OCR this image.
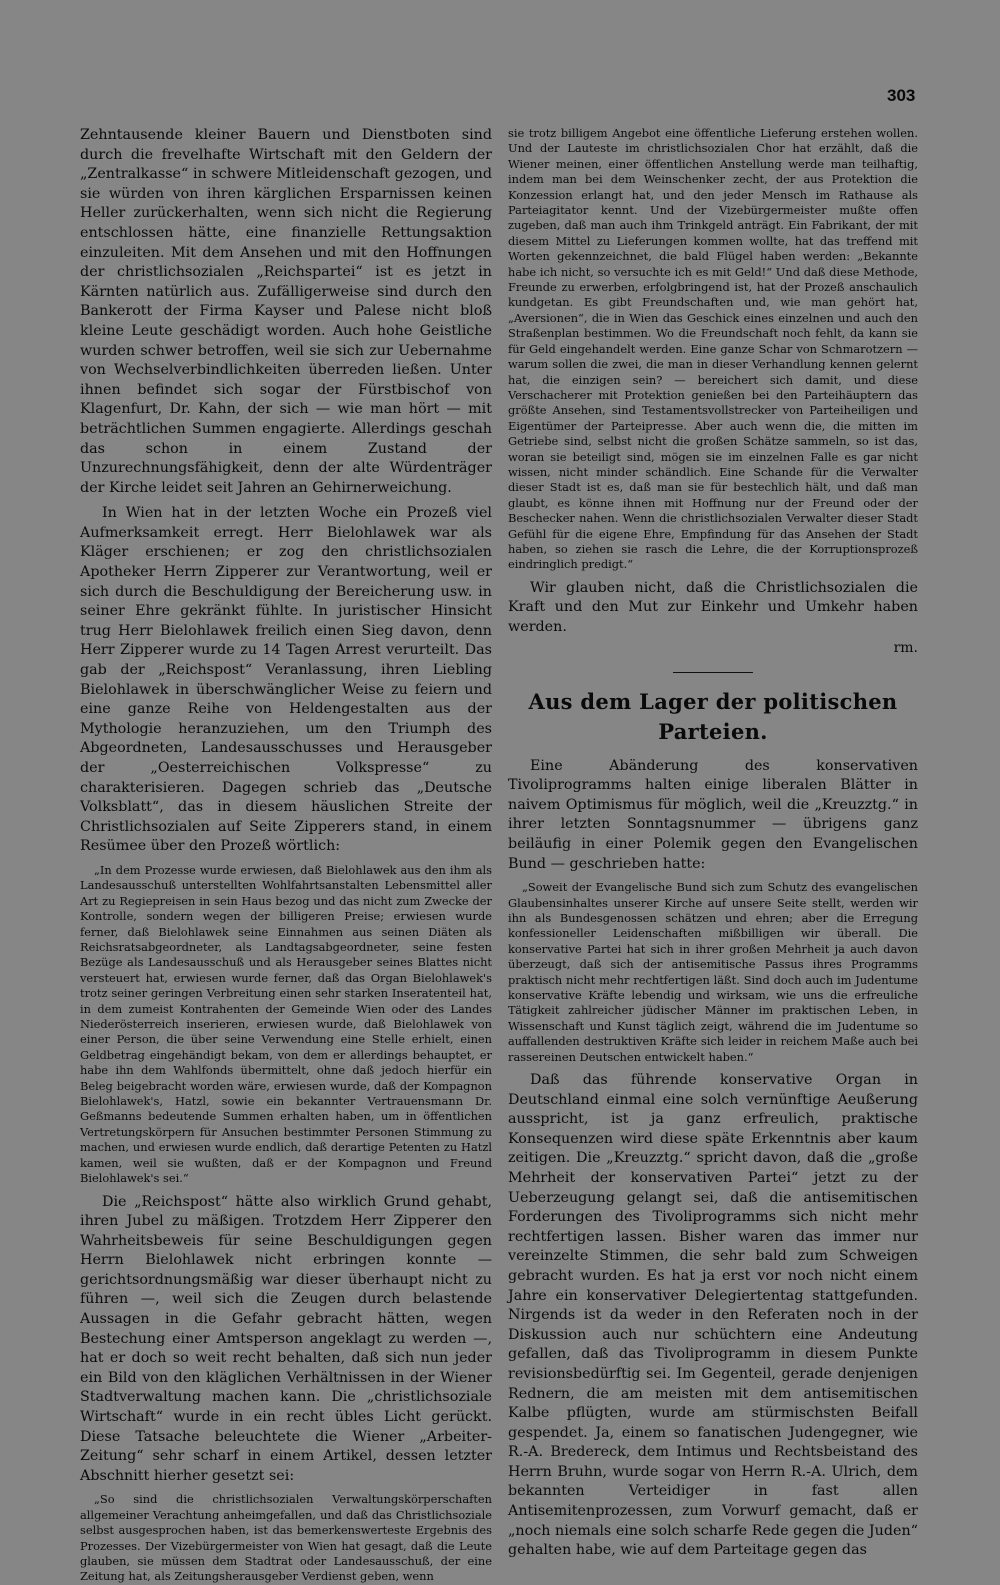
303

Zehntausende kleiner Bauern und Dienstboten sind durch die frevelhafte Wirtschaft mit den Geldern der „Zentralkasse“ in schwere Mitleidenschaft gezogen, und sie würden von ihren kärglichen Ersparnissen keinen Heller zurückerhalten, wenn sich nicht die Regierung entschlossen hätte, eine finanzielle Rettungsaktion einzuleiten. Mit dem Ansehen und mit den Hoffnungen der christlichsozialen „Reichspartei“ ist es jetzt in Kärnten natürlich aus. Zufälligerweise sind durch den Bankerott der Firma Kayser und Palese nicht bloß kleine Leute geschädigt worden. Auch hohe Geistliche wurden schwer betroffen, weil sie sich zur Uebernahme von Wechselverbindlichkeiten überreden ließen. Unter ihnen befindet sich sogar der Fürstbischof von Klagenfurt, Dr. Kahn, der sich — wie man hört — mit beträchtlichen Summen engagierte. Allerdings geschah das schon in einem Zustand der Unzurechnungsfähigkeit, denn der alte Würdenträger der Kirche leidet seit Jahren an Gehirnerweichung.

In Wien hat in der letzten Woche ein Prozeß viel Aufmerksamkeit erregt. Herr Bielohlawek war als Kläger erschienen; er zog den christlichsozialen Apotheker Herrn Zipperer zur Verantwortung, weil er sich durch die Beschuldigung der Bereicherung usw. in seiner Ehre gekränkt fühlte. In juristischer Hinsicht trug Herr Bielohlawek freilich einen Sieg davon, denn Herr Zipperer wurde zu 14 Tagen Arrest verurteilt. Das gab der „Reichspost“ Veranlassung, ihren Liebling Bielohlawek in überschwänglicher Weise zu feiern und eine ganze Reihe von Heldengestalten aus der Mythologie heranzuziehen, um den Triumph des Abgeordneten, Landesausschusses und Herausgeber der „Oesterreichischen Volkspresse“ zu charakterisieren. Dagegen schrieb das „Deutsche Volksblatt“, das in diesem häuslichen Streite der Christlichsozialen auf Seite Zipperers stand, in einem Resümee über den Prozeß wörtlich:

„In dem Prozesse wurde erwiesen, daß Bielohlawek aus den ihm als Landesausschuß unterstellten Wohlfahrtsanstalten Lebensmittel aller Art zu Regiepreisen in sein Haus bezog und das nicht zum Zwecke der Kontrolle, sondern wegen der billigeren Preise; erwiesen wurde ferner, daß Bielohlawek seine Einnahmen aus seinen Diäten als Reichsratsabgeordneter, als Landtagsabgeordneter, seine festen Bezüge als Landesausschuß und als Herausgeber seines Blattes nicht versteuert hat, erwiesen wurde ferner, daß das Organ Bielohlawek's trotz seiner geringen Verbreitung einen sehr starken Inseratenteil hat, in dem zumeist Kontrahenten der Gemeinde Wien oder des Landes Niederösterreich inserieren, erwiesen wurde, daß Bielohlawek von einer Person, die über seine Verwendung eine Stelle erhielt, einen Geldbetrag eingehändigt bekam, von dem er allerdings behauptet, er habe ihn dem Wahlfonds übermittelt, ohne daß jedoch hierfür ein Beleg beigebracht worden wäre, erwiesen wurde, daß der Kompagnon Bielohlawek's, Hatzl, sowie ein bekannter Vertrauensmann Dr. Geßmanns bedeutende Summen erhalten haben, um in öffentlichen Vertretungskörpern für Ansuchen bestimmter Personen Stimmung zu machen, und erwiesen wurde endlich, daß derartige Petenten zu Hatzl kamen, weil sie wußten, daß er der Kompagnon und Freund Bielohlawek's sei.“

Die „Reichspost“ hätte also wirklich Grund gehabt, ihren Jubel zu mäßigen. Trotzdem Herr Zipperer den Wahrheitsbeweis für seine Beschuldigungen gegen Herrn Bielohlawek nicht erbringen konnte — gerichtsordnungsmäßig war dieser überhaupt nicht zu führen —, weil sich die Zeugen durch belastende Aussagen in die Gefahr gebracht hätten, wegen Bestechung einer Amtsperson angeklagt zu werden —, hat er doch so weit recht behalten, daß sich nun jeder ein Bild von den kläglichen Verhältnissen in der Wiener Stadtverwaltung machen kann. Die „christlichsoziale Wirtschaft“ wurde in ein recht übles Licht gerückt. Diese Tatsache beleuchtete die Wiener „Arbeiter-Zeitung“ sehr scharf in einem Artikel, dessen letzter Abschnitt hierher gesetzt sei:

„So sind die christlichsozialen Verwaltungskörperschaften allgemeiner Verachtung anheimgefallen, und daß das Christlichsoziale selbst ausgesprochen haben, ist das bemerkenswerteste Ergebnis des Prozesses. Der Vizebürgermeister von Wien hat gesagt, daß die Leute glauben, sie müssen dem Stadtrat oder Landesausschuß, der eine Zeitung hat, als Zeitungsherausgeber Verdienst geben, wenn

sie trotz billigem Angebot eine öffentliche Lieferung erstehen wollen. Und der Lauteste im christlichsozialen Chor hat erzählt, daß die Wiener meinen, einer öffentlichen Anstellung werde man teilhaftig, indem man bei dem Weinschenker zecht, der aus Protektion die Konzession erlangt hat, und den jeder Mensch im Rathause als Parteiagitator kennt. Und der Vizebürgermeister mußte offen zugeben, daß man auch ihm Trinkgeld anträgt. Ein Fabrikant, der mit diesem Mittel zu Lieferungen kommen wollte, hat das treffend mit Worten gekennzeichnet, die bald Flügel haben werden: „Bekannte habe ich nicht, so versuchte ich es mit Geld!“ Und daß diese Methode, Freunde zu erwerben, erfolgbringend ist, hat der Prozeß anschaulich kundgetan. Es gibt Freundschaften und, wie man gehört hat, „Aversionen“, die in Wien das Geschick eines einzelnen und auch den Straßenplan bestimmen. Wo die Freundschaft noch fehlt, da kann sie für Geld eingehandelt werden. Eine ganze Schar von Schmarotzern — warum sollen die zwei, die man in dieser Verhandlung kennen gelernt hat, die einzigen sein? — bereichert sich damit, und diese Verschacherer mit Protektion genießen bei den Parteihäuptern das größte Ansehen, sind Testamentsvollstrecker von Parteiheiligen und Eigentümer der Parteipresse. Aber auch wenn die, die mitten im Getriebe sind, selbst nicht die großen Schätze sammeln, so ist das, woran sie beteiligt sind, mögen sie im einzelnen Falle es gar nicht wissen, nicht minder schändlich. Eine Schande für die Verwalter dieser Stadt ist es, daß man sie für bestechlich hält, und daß man glaubt, es könne ihnen mit Hoffnung nur der Freund oder der Beschecker nahen. Wenn die christlichsozialen Verwalter dieser Stadt Gefühl für die eigene Ehre, Empfindung für das Ansehen der Stadt haben, so ziehen sie rasch die Lehre, die der Korruptionsprozeß eindringlich predigt.“

Wir glauben nicht, daß die Christlichsozialen die Kraft und den Mut zur Einkehr und Umkehr haben werden.

rm.
Aus dem Lager der politischen Parteien.

Eine Abänderung des konservativen Tivoliprogramms halten einige liberalen Blätter in naivem Optimismus für möglich, weil die „Kreuzztg.“ in ihrer letzten Sonntagsnummer — übrigens ganz beiläufig in einer Polemik gegen den Evangelischen Bund — geschrieben hatte:

„Soweit der Evangelische Bund sich zum Schutz des evangelischen Glaubensinhaltes unserer Kirche auf unsere Seite stellt, werden wir ihn als Bundesgenossen schätzen und ehren; aber die Erregung konfessioneller Leidenschaften mißbilligen wir überall. Die konservative Partei hat sich in ihrer großen Mehrheit ja auch davon überzeugt, daß sich der antisemitische Passus ihres Programms praktisch nicht mehr rechtfertigen läßt. Sind doch auch im Judentume konservative Kräfte lebendig und wirksam, wie uns die erfreuliche Tätigkeit zahlreicher jüdischer Männer im praktischen Leben, in Wissenschaft und Kunst täglich zeigt, während die im Judentume so auffallenden destruktiven Kräfte sich leider in reichem Maße auch bei rassereinen Deutschen entwickelt haben.“

Daß das führende konservative Organ in Deutschland einmal eine solch vernünftige Aeußerung ausspricht, ist ja ganz erfreulich, praktische Konsequenzen wird diese späte Erkenntnis aber kaum zeitigen. Die „Kreuzztg.“ spricht davon, daß die „große Mehrheit der konservativen Partei“ jetzt zu der Ueberzeugung gelangt sei, daß die antisemitischen Forderungen des Tivoliprogramms sich nicht mehr rechtfertigen lassen. Bisher waren das immer nur vereinzelte Stimmen, die sehr bald zum Schweigen gebracht wurden. Es hat ja erst vor noch nicht einem Jahre ein konservativer Delegiertentag stattgefunden. Nirgends ist da weder in den Referaten noch in der Diskussion auch nur schüchtern eine Andeutung gefallen, daß das Tivoliprogramm in diesem Punkte revisionsbedürftig sei. Im Gegenteil, gerade denjenigen Rednern, die am meisten mit dem antisemitischen Kalbe pflügten, wurde am stürmischsten Beifall gespendet. Ja, einem so fanatischen Judengegner, wie R.-A. Bredereck, dem Intimus und Rechtsbeistand des Herrn Bruhn, wurde sogar von Herrn R.-A. Ulrich, dem bekannten Verteidiger in fast allen Antisemitenprozessen, zum Vorwurf gemacht, daß er „noch niemals eine solch scharfe Rede gegen die Juden“ gehalten habe, wie auf dem Parteitage gegen das
